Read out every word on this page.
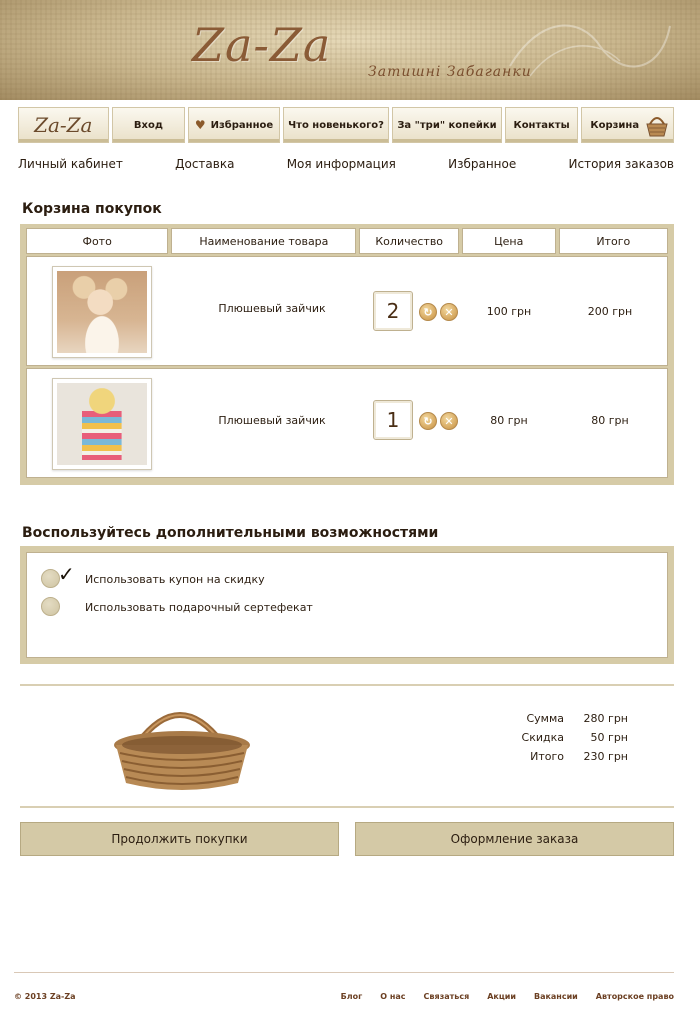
Za-Za	Затишні Забаганки
Za-Za	Вход	♥ Избранное Что новенького? За "три" копейки Контакты Корзина
Личный кабинет	Доставка	Моя информация	Избранное	История заказов
Корзина покупок
Фото	Наименование товара	Количество	Цена	Итого
Плюшевый зайчик	2	↻	✕	100 грн	200 грн
Плюшевый зайчик	1	↻	✕	80 грн	80 грн
Воспользуйтесь дополнительными возможностями
✓ Использовать купон на скидку
Использовать подарочный сертефекат
Сумма	280 грн
Скидка	50 грн
Итого	230 грн
Продолжить покупки	Оформление заказа
© 2013 Za-Za	Блог О нас Связаться Акции Вакансии Авторское право
